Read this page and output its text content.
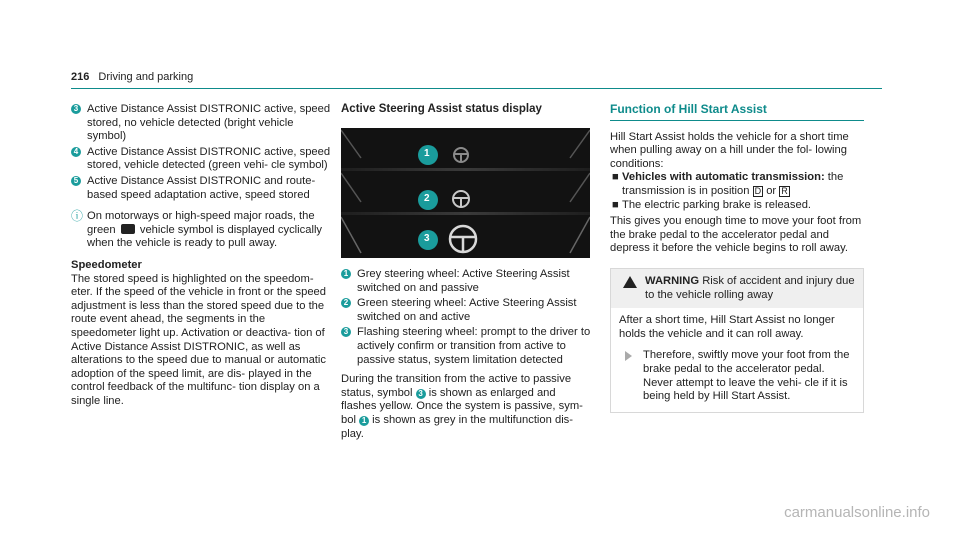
216 Driving and parking
3 Active Distance Assist DISTRONIC active, speed stored, no vehicle detected (bright vehicle symbol)
4 Active Distance Assist DISTRONIC active, speed stored, vehicle detected (green vehi- cle symbol)
5 Active Distance Assist DISTRONIC and route- based speed adaptation active, speed stored
ⓘ On motorways or high-speed major roads, the green vehicle symbol is displayed cyclically when the vehicle is ready to pull away.
Speedometer
The stored speed is highlighted on the speedom- eter. If the speed of the vehicle in front or the speed adjustment is less than the stored speed due to the route event ahead, the segments in the speedometer light up. Activation or deactiva- tion of Active Distance Assist DISTRONIC, as well as alterations to the speed due to manual or automatic adoption of the speed limit, are dis- played in the control feedback of the multifunc- tion display on a single line.
Active Steering Assist status display
1
2
3
1 Grey steering wheel: Active Steering Assist switched on and passive
2 Green steering wheel: Active Steering Assist switched on and active
3 Flashing steering wheel: prompt to the driver to actively confirm or transition from active to passive status, system limitation detected
During the transition from the active to passive status, symbol 3 is shown as enlarged and flashes yellow. Once the system is passive, sym- bol 1 is shown as grey in the multifunction dis- play.
Function of Hill Start Assist
Hill Start Assist holds the vehicle for a short time when pulling away on a hill under the fol- lowing conditions:
■ Vehicles with automatic transmission: the transmission is in position D or R
■ The electric parking brake is released.
This gives you enough time to move your foot from the brake pedal to the accelerator pedal and depress it before the vehicle begins to roll away.
WARNING Risk of accident and injury due to the vehicle rolling away
After a short time, Hill Start Assist no longer holds the vehicle and it can roll away.
Therefore, swiftly move your foot from the brake pedal to the accelerator pedal. Never attempt to leave the vehi- cle if it is being held by Hill Start Assist.
carmanualsonline.info
